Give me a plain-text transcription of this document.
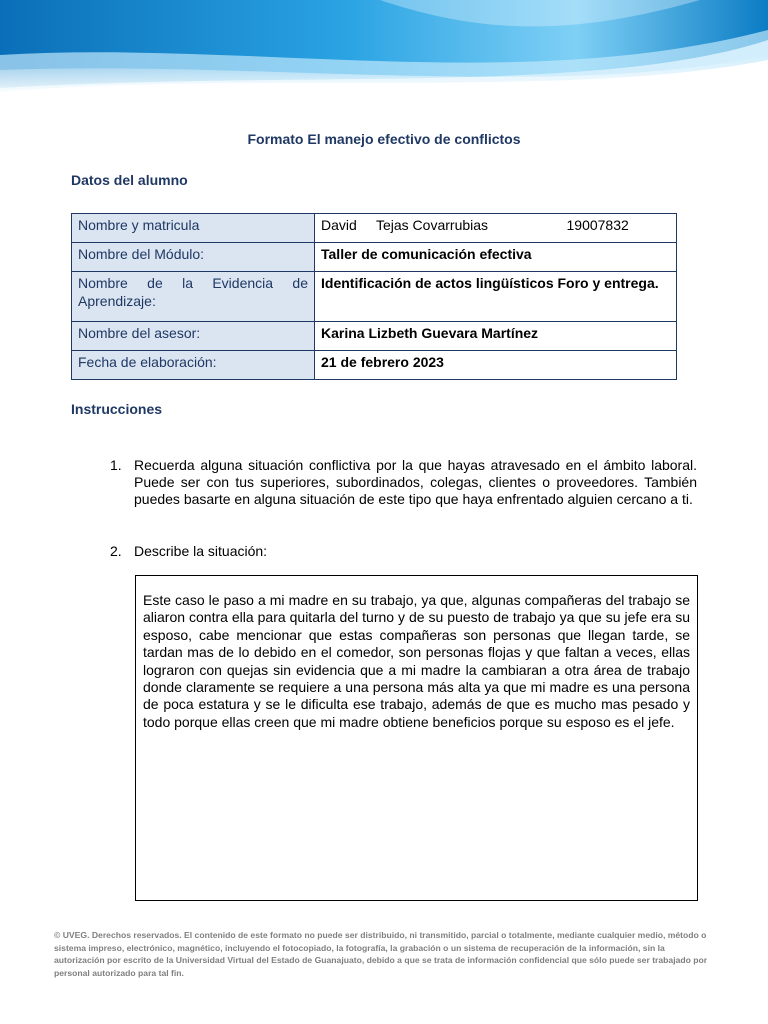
Formato El manejo efectivo de conflictos
Datos del alumno
Nombre y matricula	David     Tejas Covarrubias 19007832

Nombre del Módulo:	Taller de comunicación efectiva

Nombre de la Evidencia de
Aprendizaje:	Identificación de actos lingüísticos Foro y entrega.
Nombre del asesor:	Karina Lizbeth Guevara Martínez
Fecha de elaboración:	21 de febrero 2023
Instrucciones
1. Recuerda alguna situación conflictiva por la que hayas atravesado en el ámbito laboral. Puede ser con tus superiores, subordinados, colegas, clientes o proveedores. También puedes basarte en alguna situación de este tipo que haya enfrentado alguien cercano a ti.
2. Describe la situación:
Este caso le paso a mi madre en su trabajo, ya que, algunas compañeras del trabajo se aliaron contra ella para quitarla del turno y de su puesto de trabajo ya que su jefe era su esposo, cabe mencionar que estas compañeras son personas que llegan tarde, se tardan mas de lo debido en el comedor, son personas flojas y que faltan a veces, ellas lograron con quejas sin evidencia que a mi madre la cambiaran a otra área de trabajo donde claramente se requiere a una persona más alta ya que mi madre es una persona de poca estatura y se le dificulta ese trabajo, además de que es mucho mas pesado y todo porque ellas creen que mi madre obtiene beneficios porque su esposo es el jefe.
© UVEG. Derechos reservados. El contenido de este formato no puede ser distribuido, ni transmitido, parcial o totalmente, mediante cualquier medio, método o sistema impreso, electrónico, magnético, incluyendo el fotocopiado, la fotografía, la grabación o un sistema de recuperación de la información, sin la autorización por escrito de la Universidad Virtual del Estado de Guanajuato, debido a que se trata de información confidencial que sólo puede ser trabajado por personal autorizado para tal fin.
